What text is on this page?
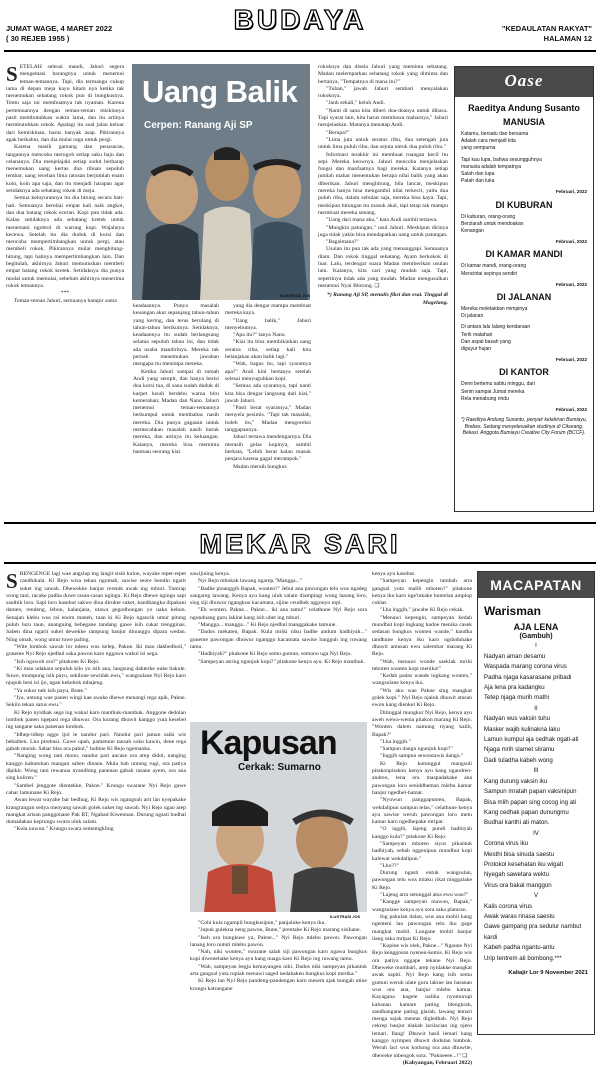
BUDAYA
JUMAT WAGE, 4 MARET 2022
( 30 REJEB 1955 )
"KEDAULATAN RAKYAT"
HALAMAN 12
S ETELAH selesai mandi, Jahuri segera mengemasi barangnya untuk menemui teman-temannya. Tapi, dia termangu cukup lama di depan meja kayu hitam nya ketika tak menemukan sebatang rokok pun di bungkusnya. Tentu saja ini membuatnya tak nyaman. Karena pertemuannya dengan teman-teman miskinnya pasti membutuhkan waktu lama, dan itu artinya membutuhkan rokok. Apalagi itu soal jalan keluar dari kemiskinan, harus banyak asap. Pikirannya agak berkabut, dan dia mulai ragu untuk pergi.

Karena masih gamang dan penasaran, tangannya mencoba merogoh setiap saku baju dan celananya. Dia menjelajahi setiap sudut berharap menemukan uang kertas dua ribuan sepuluh lembar, uang recehan lima ratusan berjumlah enam koin, koin apa saja, dan itu menjadi harapan agar setidaknya ada sebatang rokok di meja.

Semua keluyurannya itu dia hitung secara hati-hati. Semuanya bernilai empat kali naik angkot, dan dua batang rokok eceran. Kopi pun tidak ada. Kalau setidaknya ada sebatang kretek untuk menemani ngobrol di warung kopi. Wajahnya kecewa. Setelah itu dia duduk di kursi dan mencoba mempertimbangkan untuk pergi, atau membeli rokok. Pikirannya mulai menghitung-hitung, tapi hatinya mempertimbangkan lain. Dan begitulah, akhirnya Jahuri memutuskan membeli empat batang rokok kretek. Setidaknya dia punya modal untuk memulai, sebelum akhirnya menerima rokok temannya.

***

Teman-teman Jahuri, semuanya hampir sama

Uang Balik
Cerpen: Ranang Aji SP
ILUSTRASI JOS

keadaannya. Punya masalah keuangan akut sepanjang tahun-tahun yang kering, dan terus berulang di tahun-tahun berikutnya. Setidaknya, keadaannya itu sudah berlangsung selama sepuluh tahun ini, dan tidak ada usaha mandirinya. Mereka tak pernah menemukan jawaban mengapa itu menimpa mereka.

Ketika Jahuri sampai di rumah Andi yang sempit, dan hanya berisi dua kursi tua, di sana sudah duduk di karpet lusuh berdebu warna biru kemerahan; Madan dan Nano. Jahuri menemui teman-temannya berkumpul untuk membahas nasib mereka. Dia punya gagasan untuk memecahkan masalah nasib buruk mereka, dan artinya itu keluangan. Katanya, mereka bisa meminta bantuan seorang kiai

yang dia dengar mampu membuat mereka kaya.

"Uang balik," Jahuri menyebutnya.

"Apa itu?" tanya Nano.

"Kiai itu bisa membikinkan uang seratus ribu, setiap kali kita belanjakan akan balik lagi."

"Wah, bagus itu, tapi syaratnya apa?" Andi kini bertanya setelah selesai menyuguhkan kopi.

"Semua ada syaratnya, tapi nanti kita bisa dengar langsung dari kiai," jawab Jahuri.

"Pasti berat syaratnya," Madan menyela pesimis. "Tapi tak masalah, boleh itu," Madan mengoreksi tanggapannya.

Jahuri tertawa mendengarnya. Dia merasih gelas kopinya, sambil berkata, "Lebih berat kalau masuk penjara karena gagal merampok."

Madan meraih bungkus

rokoknya dan disela Jahuri yang meminta sebatang. Madan melemparkan sebatang rokok yang diminta dan bertanya, "Tempatnya di mana itu?"

"Tuban," jawab Jahuri sembari menyalakan rokoknya.

"Jauh sekali," keluh Andi.

"Nanti di sana kita diberi doa-doanya untuk dibaca. Tapi syarat lain, kita harus membawa maharnya," Jahuri menjelaskan. Matanya menatap Andi.

"Berupa?"

"Lima juta untuk seratus ribu, dua setengah juta untuk lima puluh ribu, dan sejuta untuk dua puluh ribu."

Informasi terakhir ini membuat ruangan kecil itu sepi. Mereka keownya. Jahuri mencoba menjelaskan fungsi dan manfaatnya bagi mereka. Katanya setiap jumlah mahar menentukan berapa nilai balik yang akan diberikan. Jahuri menghitung, bila lancar, meskipun mereka hanya bisa mengambil nilai terkecil, yaitu dua puluh ribu, dalam sebulan saja, mereka bisa kaya. Tapi, meskipun hitungan itu masuk akal, tapi tetap tak mampu membuat mereka senang.

"Uang dari mana aku," kata Andi sambil tertawa.

"Mungkin patungan," usul Jahuri. Meskipun dirinya juga tidak yakin bisa mendapatkan uang untuk patungan.

"Bagaimana?"

Usulan itu pun tak ada yang menanggapi. Semuanya diam. Dan rokok tinggal sebatang. Ayam berkokok di luar. Lalu, terdengar suara Madan memberikan usulan lain. Katanya, kita cari yang mudah saja. Tapi, sepertinya tidak ada yang mudah. Madan mengusulkan menemui Nyai Blorong. ❏

*) Ranang Aji SP, menulis fiksi dan esai. Tinggal di Magelang.
Oase
Raeditya Andung Susanto
MANUSIA
Katamu, bersatu dan bersama
Adalah cara menjadi kita
yang sempurna
Tapi kau lupa, bahwa sesungguhnya
manusia adalah tempatnya
Salah dan lupa
Patah dan luka
Februari, 2022
DI KUBURAN
Di kuburan, orang-orang
Berziarah untuk mendoakan
Kenangan
Februari, 2022
DI KAMAR MANDI
Di kamar mandi, orang-orang
Mencintai sepinya sendiri
Februari, 2022
DI JALANAN
Mereka meletakkan mimpinya
Di jalanan
Di antara lalu lalang kendaraan
Terik matahari
Dan aspal basah yang
diguyur hujan
Februari, 2022
DI KANTOR
Demi bertemu sabtu minggu, dari
Senin sampai Jumat mereka
Rela menabung rindu
Februari, 2022
*) Raeditya Andung Susanto, penyair kelahiran Bumiayu, Brebes. Sedang menyelesaikan studinya di Cikarang, Bekasi. Anggota Bumiayu Creative City Forum (BCCF).
MEKAR SARI
S RENGENGE lagi wae angslup ing langit sisih kulon, wayahe repet-repet candhikala. Ki Rejo wisa tekan ngomah, sawise seore bendin ngarit suket ing sawah. Dhewekke banjur rerenik awak ing mburi. Tumrap wong tani, racake padha duwe rasan-rasan ngingu. Ki Rejo dhewe ngingu sapi sauthik loro. Sapi loro kasebut sakwe dina dirukte suket, kandhangka dipakani damen, rendeng, lebon, kalanjana, utawa gegodhongan yo uaka kebon. Senajan klebu wus rai enom maneh, tuan ki Ki Rejo ngancik umur pitung puluh luru taun, anangning bebegane tandang gawe isih cukat trengginas. Saben dina ngarit sukel dewekke rampung banjur dinunggu dipara wedan. Ning omah, wong umur tuwe paling.

"Wite lombok sawah lor ndesu wus kelep, Pakne. Iki mau dakbedholi," guneme Nyi Rejo njedhul saka pawon karo nggawa wakul isi sega.

"Isih ngawoh ora?" pitakone Ki Rejo.

"Ki mau udakara sepuluh kilo yo isih ana, langsung dakterke nuke bakule. Suwe, mumpung isih payu, sekilone sewidak ewu," wangsulane Nyi Rejo karo njupuk besi isi ijo, ngan kekebok mbajeng.

"Ya sukur nek isih payu, Bune."

"Iya, untung wae panen wingi kae awake dhewe menangi rega apik, Pakne. Sekilo tekan satus ewu."

Ki Rejo nyidhak sega ing wakul karo manthuk-manthuk. Anggone dedolan lombok panen ngepasi rega dhuwur. Ora kurang dhuwit kanggo yuta kesebel ing tangane saka panenan lombok.

"Idhep-idhep nggo ijol le nandur pari. Nandur pari jaman saiki wis bebathen. Lha pirebusi. Gawe upah, pametune tansah soko kawin, dene rega gabah murah. Sabar blas ora pabul," luditne Ki Rejo ngemaoka.

"Nanging wong tani mono, nandur pari ancase ora arep didol, nanging kanggo kabutuhan mangan saben dinane. Mula bab untung rugi, ora patiya dipikir. Wong tani rewanua nyandhing panenan gabah rasane ayem, ora ana sing kuliren."

"Sambel jenggote dientekke, Pakne." Krungu swarane Nyi Rejo gawe cahar lamunane Ki Rejo.

Awan lewat wayahe bar bedhug, Ki Rejo wis ngangsuh arit lan nyepakake krangrangan sedya menyang sawah golek suket ing sawah. Nyi Rejo ugao arep mangkat arisan panggonane Pak RT, Ngabad Kiwennan. Durung ngasti budhal dumadakan keprungu swara uluk salam.

"Kula nuwun." Krungu swara sememgkling

sawijining kenya.

Nyi Rejo mbukak lawang ngarep,"Mangga..."

"Badhe pinanggih Bapak, wonten?" Jebul ana pawongan telu wus ngadeg sangareg lawang. Kenya ayu kang uluk salam diampingi wong lanang loro, sing siji dhuwur ngangkuo kacamata, sijine ceudhek nggonyo topi.

"Eh wonten. Pakne... Pakne... iki ana tamu!" celathune Nyi Rejo sora ngunduang guru lakine kang isih ubet ing mburi.

"Mangga... mangga..." Ki Rejo njedhul manggakake tamune.

"Dados mekaten, Bapak. Kula mriki niku badhe andum hadhiyah..." guneme pawongan dhuwur nganggo kacamata sawise lungguh ing ruwang tamu.

"Hadhiyah?" pitakone Ki Rejo semu gumun, semono uga Nyi Rejo.

"Sampeyan asring ngunjuk kopi?" pitakone kenya ayu. Ki Rejo manthuk.

Kapusan
Cerkak: Sumarno
ILUSTRASI JOS

"Cobi kula ngampil bungkusipun," panjaluke kenya iku.

"Jupuk gulekna neng pawon, Bune," prentahe Ki Rejo marang sisihane.

"Iseh ora bungkuse ya, Pakne..." Nyi Rejo mlebu pawon. Pawongan lanang loro nututi mlebu pawon.

"Nah, niki wonten," swarane salah siji pawongan karo ngawa bungkus kopi diwenehake kenya ayu kang nuaga karo Ki Rejo ing ruwang tamu.

"Wah, sampeyan begja kemayangen niki. Dados niki sampeyan pikantuk arta gangsal yuta rupiah menawi saged nedahaken bungkus kopi merika."

Ki Rejo lan Nyi Rejo pandeng-pandengan karo mesem ajak bungah utine krungu katrangane

kenya ayu kasebut.

"Sampeyan kepengin tambah arta gangsal yuta malih mboten?" pitakone kenya iku karo nge'tukake buntelan amplop coklat.

"Lha inggih," jawabe Ki Rejo cekak.

"Menawi kepengin, sampeyan kedah mundhut kopi ingkang kadoe menika casek sedasan bungkus wonten wande," kandha tandhune kenya iku karo ngduduhake dhuwit amusan ewu salembar marang Ki Rejo.

"Wah, menawi wonde saeklak mriki mboten wonten kopi menika!"

"Kedah padas wande ingkang wonten," wangsulane kenya iku.

"Wis ako wae Pakne sing mangkat golek kopi." Nyi Rejo njaluk dhuwit atusan ewon kang dienkel Ki Rejo.

Ditinggal mungkur Nyi Rejo, kenya ayu aweh wewa-wenia pitakon marang Ki Rejo. "Wonten dalem namung tiyang kalih, Bapak?"

"Lha inggih."

"Sampun dangu ngunjuk kopi?"

"Inggih sampun sewontawis dangu."

Ki Rejo kutunggul mangsuli pitakonpitakon kenya ayu kang ngandreo-andreo, lena ora maspadakake ana pawongan loro seniddheman mlebu kamar banjur ngedhel-hamar.

"Nyuwun panggapunten, Bapak, wekdalipun sampun telas," celathune kenya ayu sawise weruh pawongan loro metu kamar karo ngedhepake mripat.

"O nggih, lajeng pundi hadhiyah kanggo kula?" pitakone Ki Rejo.

"Sampeyan mboten siyos pikantuk hadhiyah, sebab nggenipun mundhut kopi kalewat wekdalipun."

"Lho??"

Durung ngasti entuk wangsulan, pawongan telu wus mlaku rikat ninggalake Ki Rejo.

"Lajeng arta setunggal atus ewu wau?"

"Kangge sampeyan mawon, Bapak," wangsulane kenya ayu sora saka plataran.

Ing pakulan dalan, wus ana mobil kang ngenteni lan pawongan telu iku gage mangkat mobil. Lungane mobil banjur ilang saka mripat Ki Rejo.

"Kopine wis oleh, Pakne..." Ngaune Nyi Rejo kenggosan nyenen-kemis. Ki Rejo wis ora patiya nggape tekane Nyi Rejo. Dheweke mumbari, arep nyidakke mangkat awak sapiti. Nyi Rejo kang isih semu gumun weruh ulate guru lakine lan baranan wus ora ana, banjur mlebu kamar. Kayagana kagete nalika nyumurupi kahanan kamare pating blengkrah, sandhangane pating glarah, lawang lemari menga sajak mentas digledhah. Nyi Rejo cekrep banjur nlakah lacilacian ing njero lemari. Ilang! Dhuwit hasil lemari kang kanggo nyimpen dhuwit dodolan lombok. Weruh laci wus kothong ora ana dhuwite, dheweke mbengok sora. "Pakneeee...!" ❏

(Kahyangan, Februari 2022)

MACAPATAN
Warisman
AJA LENA
(Gambuh)
I
Nadyan aman desamu
Waspada marang corona virus
Padha njaga kasarasane pribadi
Aja lena pra kadangku
Tetep njaga murih mathi
II
Nadyan wus vaksin tuhu
Masker wajib kulinakna laku
Lamun kumpul aja cedhak ngati-ati
Njaga mrih slamet sliramu
Dadi tuladha kabeh wong
III
Kang durung vaksin iku
Sampun mratah papan vaksinipun
Bisa mlih papan sing cocog ing ati
Kang cedhak papan dunungmu
Budhal kanthi ati maton.
IV
Corona virus iku
Mesthi bisa sinuda saestu
Protokol kesehatan iku wigati
Nyegah sawetara wektu
Virus ora bakal manggon
V
Kalis corona virus
Awak waras rinasa saestu
Gawe gampang pra sedulur nambut kardi
Kabeh padha ngantu-antu
Urip tentrem ati bombong.***
Kaliajir Lor 9 November 2021
